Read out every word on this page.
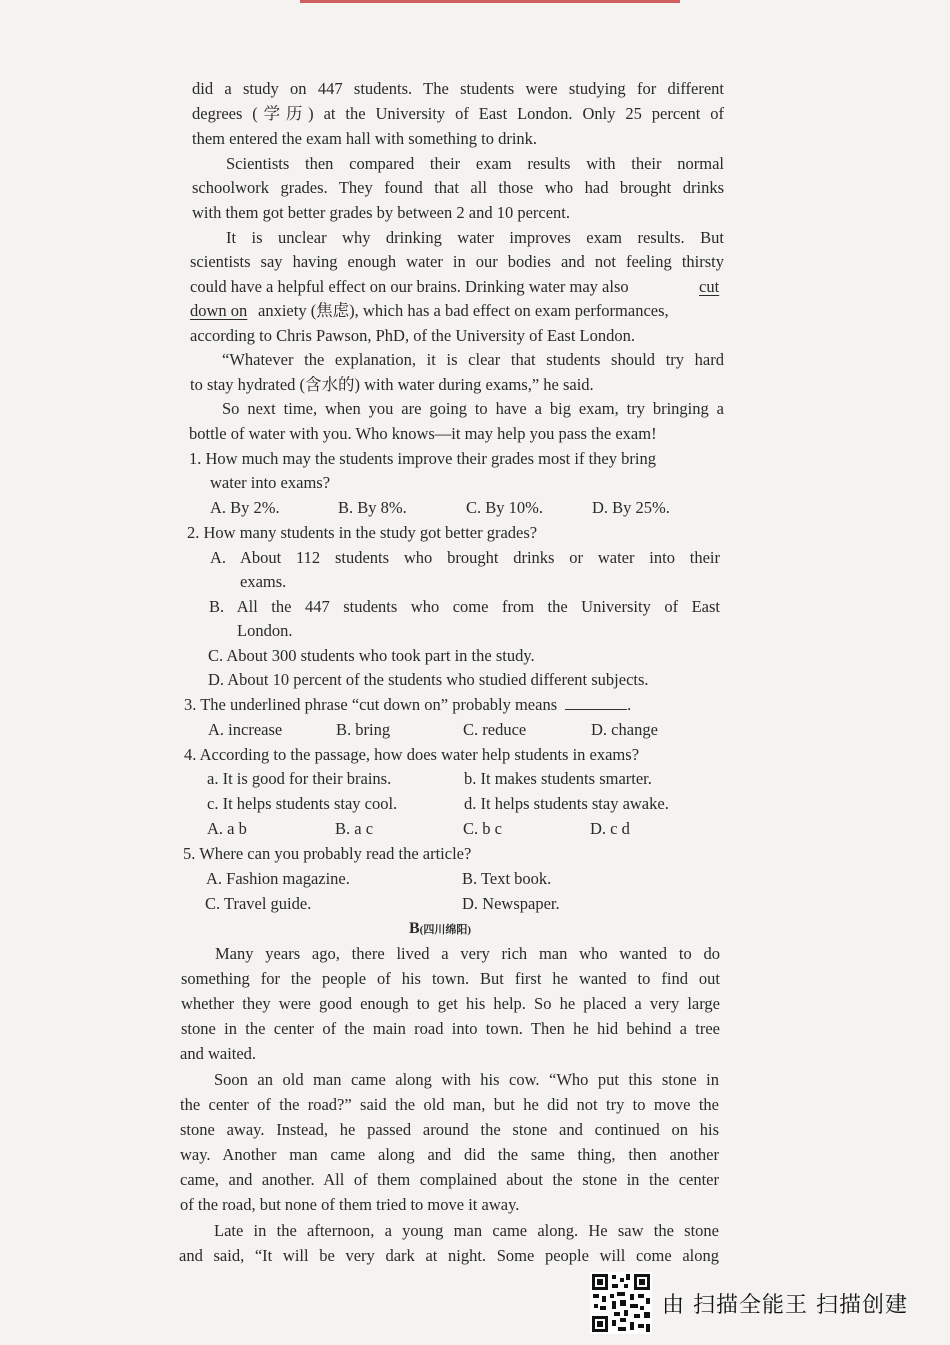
did a study on 447 students. The students were studying for different
degrees (学历) at the University of East London. Only 25 percent of
them entered the exam hall with something to drink.
Scientists then compared their exam results with their normal
schoolwork grades. They found that all those who had brought drinks
with them got better grades by between 2 and 10 percent.
It is unclear why drinking water improves exam results. But
scientists say having enough water in our bodies and not feeling thirsty
could have a helpful effect on our brains. Drinking water may also	cut
down on anxiety (焦虑), which has a bad effect on exam performances,
according to Chris Pawson, PhD, of the University of East London.
“Whatever the explanation, it is clear that students should try hard
to stay hydrated (含水的) with water during exams,” he said.
So next time, when you are going to have a big exam, try bringing a
bottle of water with you. Who knows—it may help you pass the exam!
1. How much may the students improve their grades most if they bring
water into exams?
A. By 2%.	B. By 8%.	C. By 10%.	D. By 25%.
2. How many students in the study got better grades?
A. About 112 students who brought drinks or water into their
exams.
B. All the 447 students who come from the University of East
London.
C. About 300 students who took part in the study.
D. About 10 percent of the students who studied different subjects.
3. The underlined phrase “cut down on” probably means	.
A. increase	B. bring	C. reduce	D. change
4. According to the passage, how does water help students in exams?
a. It is good for their brains.	b. It makes students smarter.
c. It helps students stay cool.	d. It helps students stay awake.
A. a b	B. a c	C. b c	D. c d
5. Where can you probably read the article?
A. Fashion magazine.	B. Text book.
C. Travel guide.	D. Newspaper.
B(四川绵阳)
Many years ago, there lived a very rich man who wanted to do
something for the people of his town. But first he wanted to find out
whether they were good enough to get his help. So he placed a very large
stone in the center of the main road into town. Then he hid behind a tree
and waited.
Soon an old man came along with his cow. “Who put this stone in
the center of the road?” said the old man, but he did not try to move the
stone away. Instead, he passed around the stone and continued on his
way. Another man came along and did the same thing, then another
came, and another. All of them complained about the stone in the center
of the road, but none of them tried to move it away.
Late in the afternoon, a young man came along. He saw the stone
and said, “It will be very dark at night. Some people will come along
由 扫描全能王 扫描创建
